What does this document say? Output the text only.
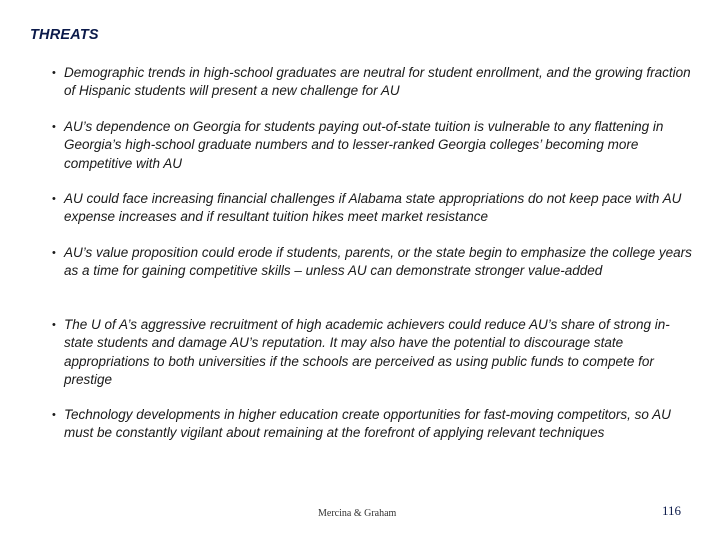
THREATS
• Demographic trends in high-school graduates are neutral for student enrollment, and the growing fraction of Hispanic students will present a new challenge for AU
• AU’s dependence on Georgia for students paying out-of-state tuition is vulnerable to any flattening in Georgia’s high-school graduate numbers and to lesser-ranked Georgia colleges’ becoming more competitive with AU
• AU could face increasing financial challenges if Alabama state appropriations do not keep pace with AU expense increases and if resultant tuition hikes meet market resistance
• AU’s value proposition could erode if students, parents, or the state begin to emphasize the college years as a time for gaining competitive skills – unless AU can demonstrate stronger value-added
• The U of A’s aggressive recruitment of high academic achievers could reduce AU’s share of strong in-state students and damage AU’s reputation. It may also have the potential to discourage state appropriations to both universities if the schools are perceived as using public funds to compete for prestige
• Technology developments in higher education create opportunities for fast-moving competitors, so AU must be constantly vigilant about remaining at the forefront of applying relevant techniques
Mercina & Graham	116
